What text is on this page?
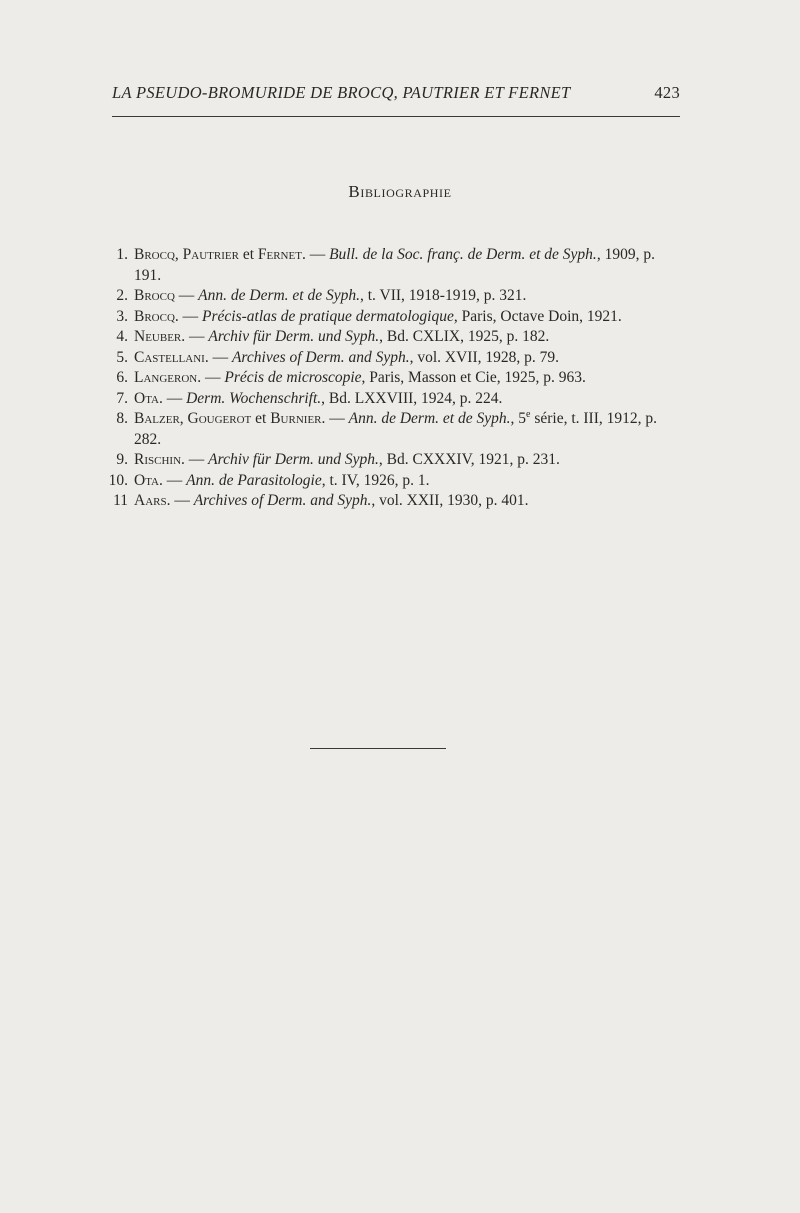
LA PSEUDO-BROMURIDE DE BROCQ, PAUTRIER ET FERNET	423
Bibliographie
1. Brocq, Pautrier et Fernet. — Bull. de la Soc. franç. de Derm. et de Syph., 1909, p. 191.
2. Brocq — Ann. de Derm. et de Syph., t. VII, 1918-1919, p. 321.
3. Brocq. — Précis-atlas de pratique dermatologique, Paris, Octave Doin, 1921.
4. Neuber. — Archiv für Derm. und Syph., Bd. CXLIX, 1925, p. 182.
5. Castellani. — Archives of Derm. and Syph., vol. XVII, 1928, p. 79.
6. Langeron. — Précis de microscopie, Paris, Masson et Cie, 1925, p. 963.
7. Ota. — Derm. Wochenschrift., Bd. LXXVIII, 1924, p. 224.
8. Balzer, Gougerot et Burnier. — Ann. de Derm. et de Syph., 5e série, t. III, 1912, p. 282.
9. Rischin. — Archiv für Derm. und Syph., Bd. CXXXIV, 1921, p. 231.
10. Ota. — Ann. de Parasitologie, t. IV, 1926, p. 1.
11 Aars. — Archives of Derm. and Syph., vol. XXII, 1930, p. 401.
